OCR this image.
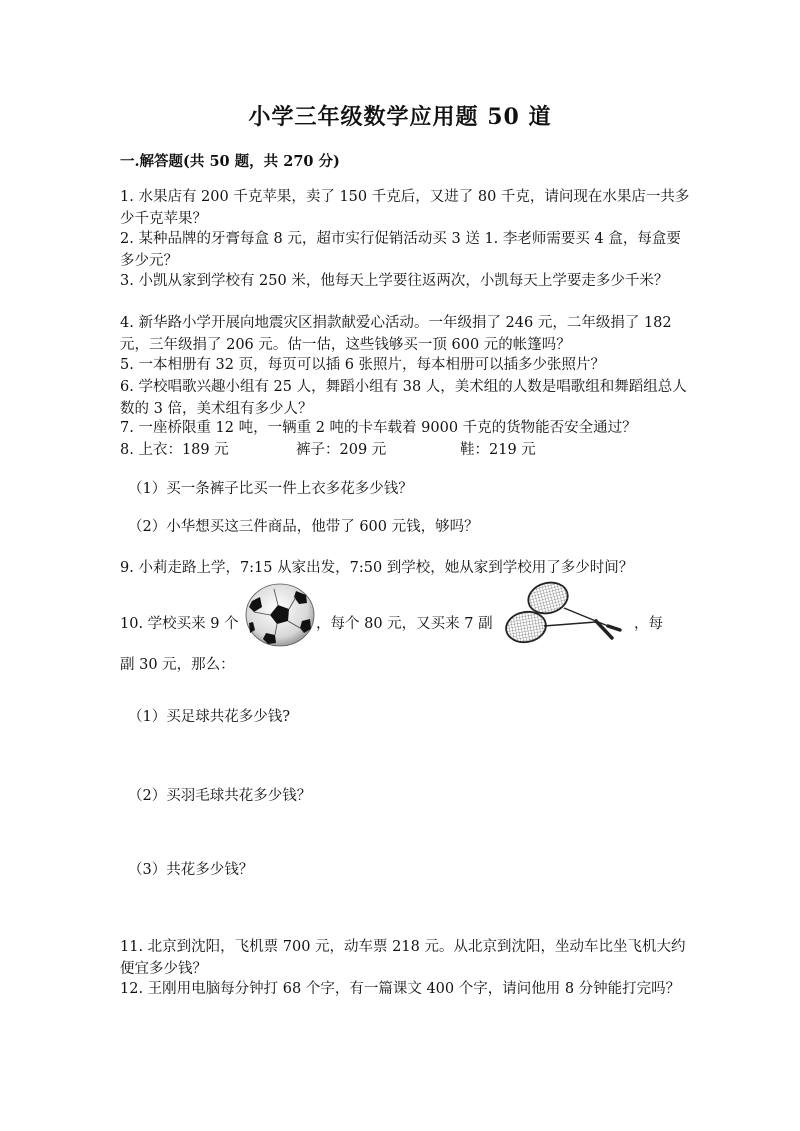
小学三年级数学应用题 50 道
一.解答题(共 50 题，共 270 分)
1. 水果店有 200 千克苹果，卖了 150 千克后，又进了 80 千克，请问现在水果店一共多少千克苹果？
2. 某种品牌的牙膏每盒 8 元，超市实行促销活动买 3 送 1. 李老师需要买 4 盒，每盒要多少元？
3. 小凯从家到学校有 250 米，他每天上学要往返两次，小凯每天上学要走多少千米？
4. 新华路小学开展向地震灾区捐款献爱心活动。一年级捐了 246 元，二年级捐了 182 元，三年级捐了 206 元。估一估，这些钱够买一顶 600 元的帐篷吗？
5. 一本相册有 32 页，每页可以插 6 张照片，每本相册可以插多少张照片？
6. 学校唱歌兴趣小组有 25 人，舞蹈小组有 38 人，美术组的人数是唱歌组和舞蹈组总人数的 3 倍，美术组有多少人？
7. 一座桥限重 12 吨，一辆重 2 吨的卡车载着 9000 千克的货物能否安全通过？
8. 上衣：189 元	裤子：209 元	鞋：219 元
（1）买一条裤子比买一件上衣多花多少钱？
（2）小华想买这三件商品，他带了 600 元钱，够吗？
9. 小莉走路上学，7:15 从家出发，7:50 到学校，她从家到学校用了多少时间？
10. 学校买来 9 个	，每个 80 元，又买来 7 副	，每
副 30 元，那么：
（1）买足球共花多少钱?
（2）买羽毛球共花多少钱？
（3）共花多少钱？
11. 北京到沈阳，飞机票 700 元，动车票 218 元。从北京到沈阳，坐动车比坐飞机大约便宜多少钱？
12. 王刚用电脑每分钟打 68 个字，有一篇课文 400 个字，请问他用 8 分钟能打完吗？
